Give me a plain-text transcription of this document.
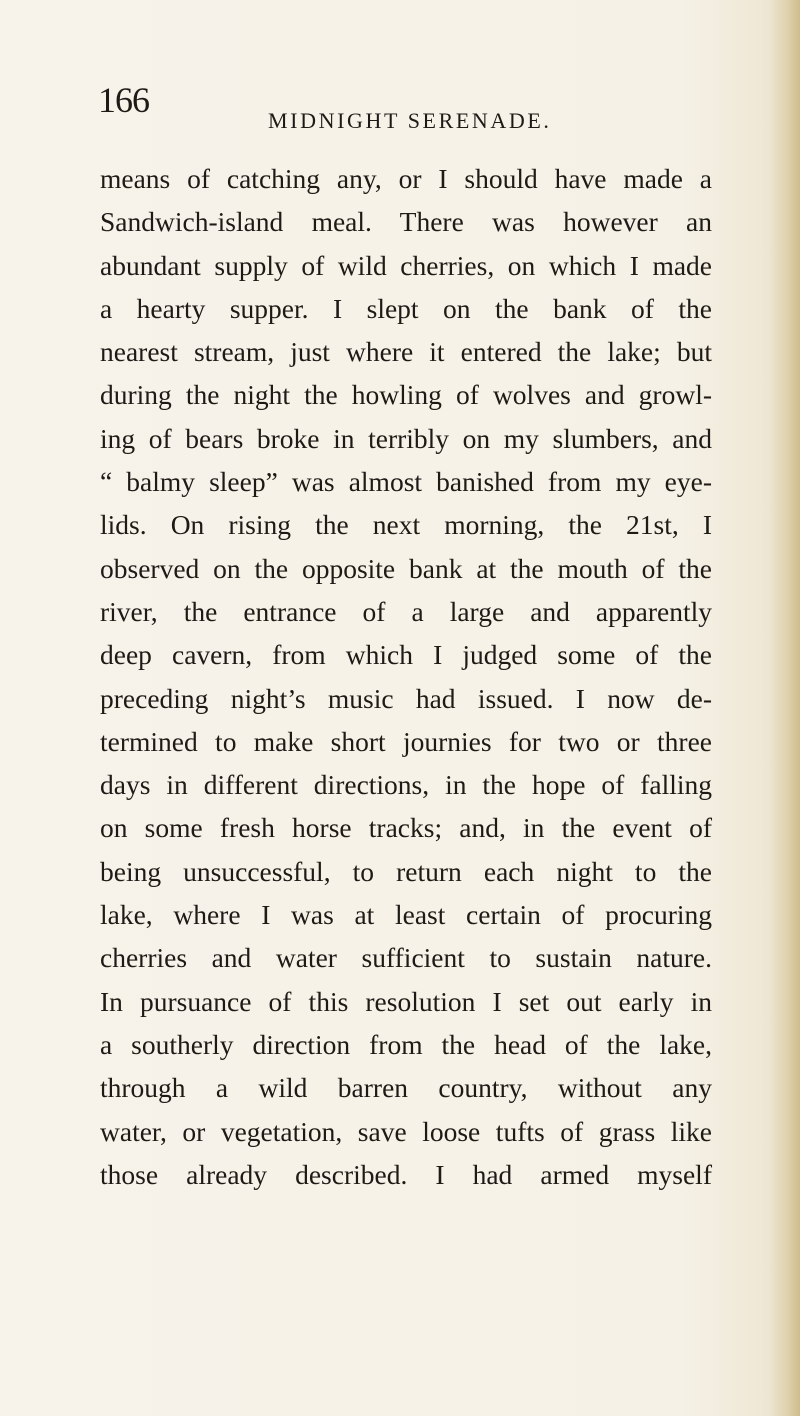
166
MIDNIGHT SERENADE.
means of catching any, or I should have made a
Sandwich-island meal. There was however an
abundant supply of wild cherries, on which I made
a hearty supper. I slept on the bank of the
nearest stream, just where it entered the lake; but
during the night the howling of wolves and growl-
ing of bears broke in terribly on my slumbers, and
“ balmy sleep” was almost banished from my eye-
lids. On rising the next morning, the 21st, I
observed on the opposite bank at the mouth of the
river, the entrance of a large and apparently
deep cavern, from which I judged some of the
preceding night’s music had issued. I now de-
termined to make short journies for two or three
days in different directions, in the hope of falling
on some fresh horse tracks; and, in the event of
being unsuccessful, to return each night to the
lake, where I was at least certain of procuring
cherries and water sufficient to sustain nature.
In pursuance of this resolution I set out early in
a southerly direction from the head of the lake,
through a wild barren country, without any
water, or vegetation, save loose tufts of grass like
those already described. I had armed myself
